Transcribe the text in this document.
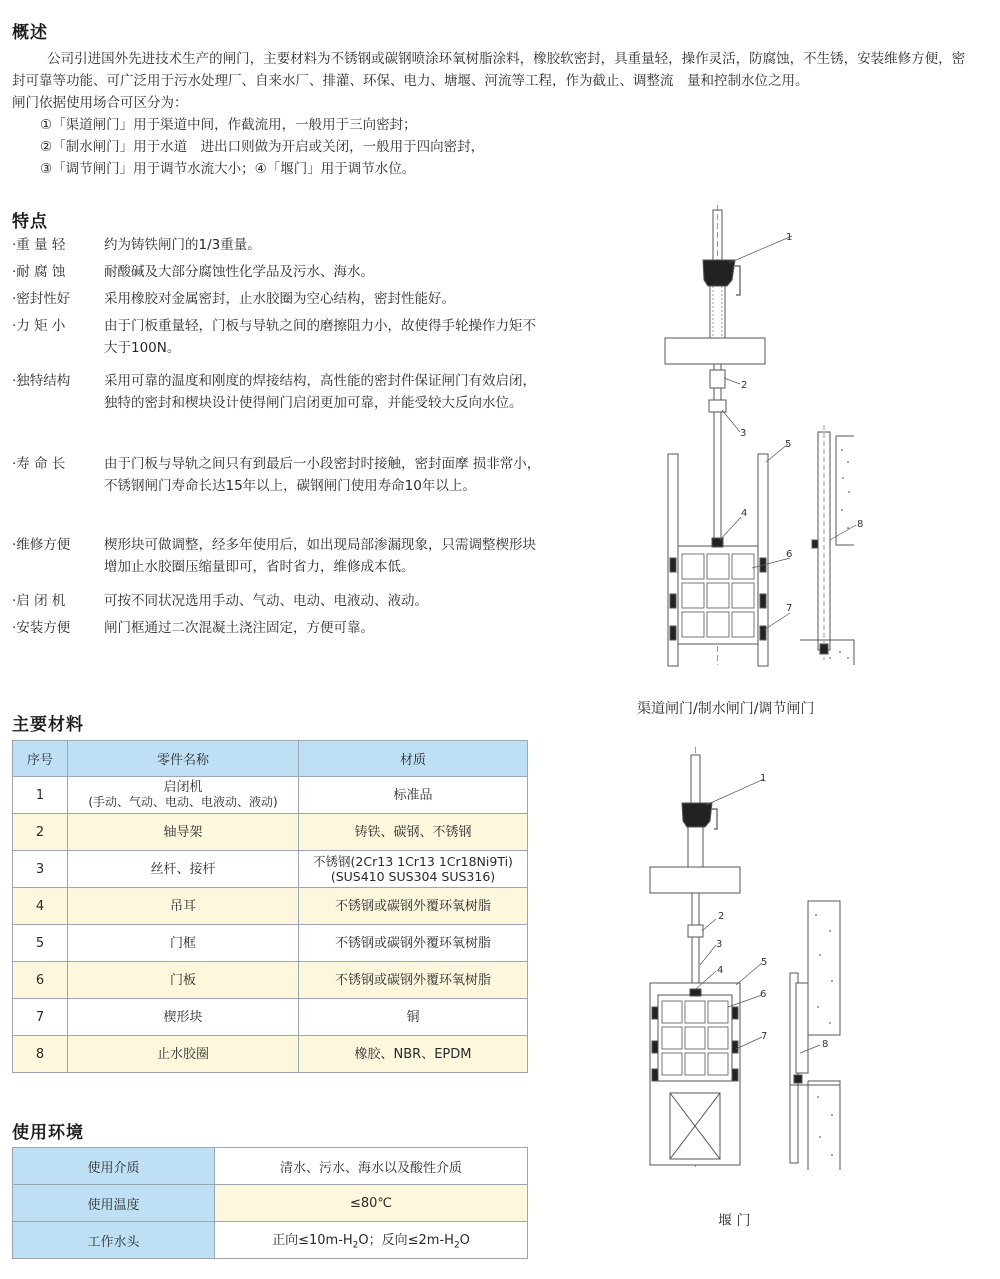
概述
公司引进国外先进技术生产的闸门，主要材料为不锈钢或碳钢喷涂环氧树脂涂料，橡胶软密封，具重量轻，操作灵活，防腐蚀，不生锈，安装维修方便，密封可靠等功能、可广泛用于污水处理厂、自来水厂、排灌、环保、电力、塘堰、河流等工程，作为截止、调整流　量和控制水位之用。
闸门依据使用场合可区分为：
①「渠道闸门」用于渠道中间，作截流用，一般用于三向密封；
②「制水闸门」用于水道　进出口则做为开启或关闭，一般用于四向密封，
③「调节闸门」用于调节水流大小；④「堰门」用于调节水位。
特点
·重 量 轻	约为铸铁闸门的1/3重量。
·耐 腐 蚀	耐酸碱及大部分腐蚀性化学品及污水、海水。
·密封性好	采用橡胶对金属密封，止水胶圈为空心结构，密封性能好。
·力 矩 小	由于门板重量轻，门板与导轨之间的磨擦阻力小，故使得手轮操作力矩不大于100N。
·独特结构	采用可靠的温度和刚度的焊接结构，高性能的密封件保证闸门有效启闭，独特的密封和楔块设计使得闸门启闭更加可靠，并能受较大反向水位。
·寿 命 长	由于门板与导轨之间只有到最后一小段密封时接触，密封面摩 损非常小，不锈钢闸门寿命长达15年以上，碳钢闸门使用寿命10年以上。
·维修方便	楔形块可做调整，经多年使用后，如出现局部渗漏现象，只需调整楔形块增加止水胶圈压缩量即可，省时省力，维修成本低。
·启 闭 机	可按不同状况选用手动、气动、电动、电液动、液动。
·安装方便	闸门框通过二次混凝土浇注固定，方便可靠。
主要材料
序号	零件名称	材质
1	启闭机
(手动、气动、电动、电液动、液动)	标准品
2	轴导架	铸铁、碳钢、不锈钢
3	丝杆、接杆	不锈钢(2Cr13 1Cr13 1Cr18Ni9Ti)
(SUS410 SUS304 SUS316)

4	吊耳	不锈钢或碳钢外覆环氧树脂
5	门框	不锈钢或碳钢外覆环氧树脂
6	门板	不锈钢或碳钢外覆环氧树脂
7	楔形块	铜
8	止水胶圈	橡胶、NBR、EPDM
使用环境
使用介质	清水、污水、海水以及酸性介质
使用温度	≤80℃
工作水头	正向$\le 10m-H_2O$；反向$\le 2m-H_2O$
1
2
3
4
5
6
7
8
渠道闸门/制水闸门/调节闸门
1
2
3
4
5
6
7
8
堰 门
